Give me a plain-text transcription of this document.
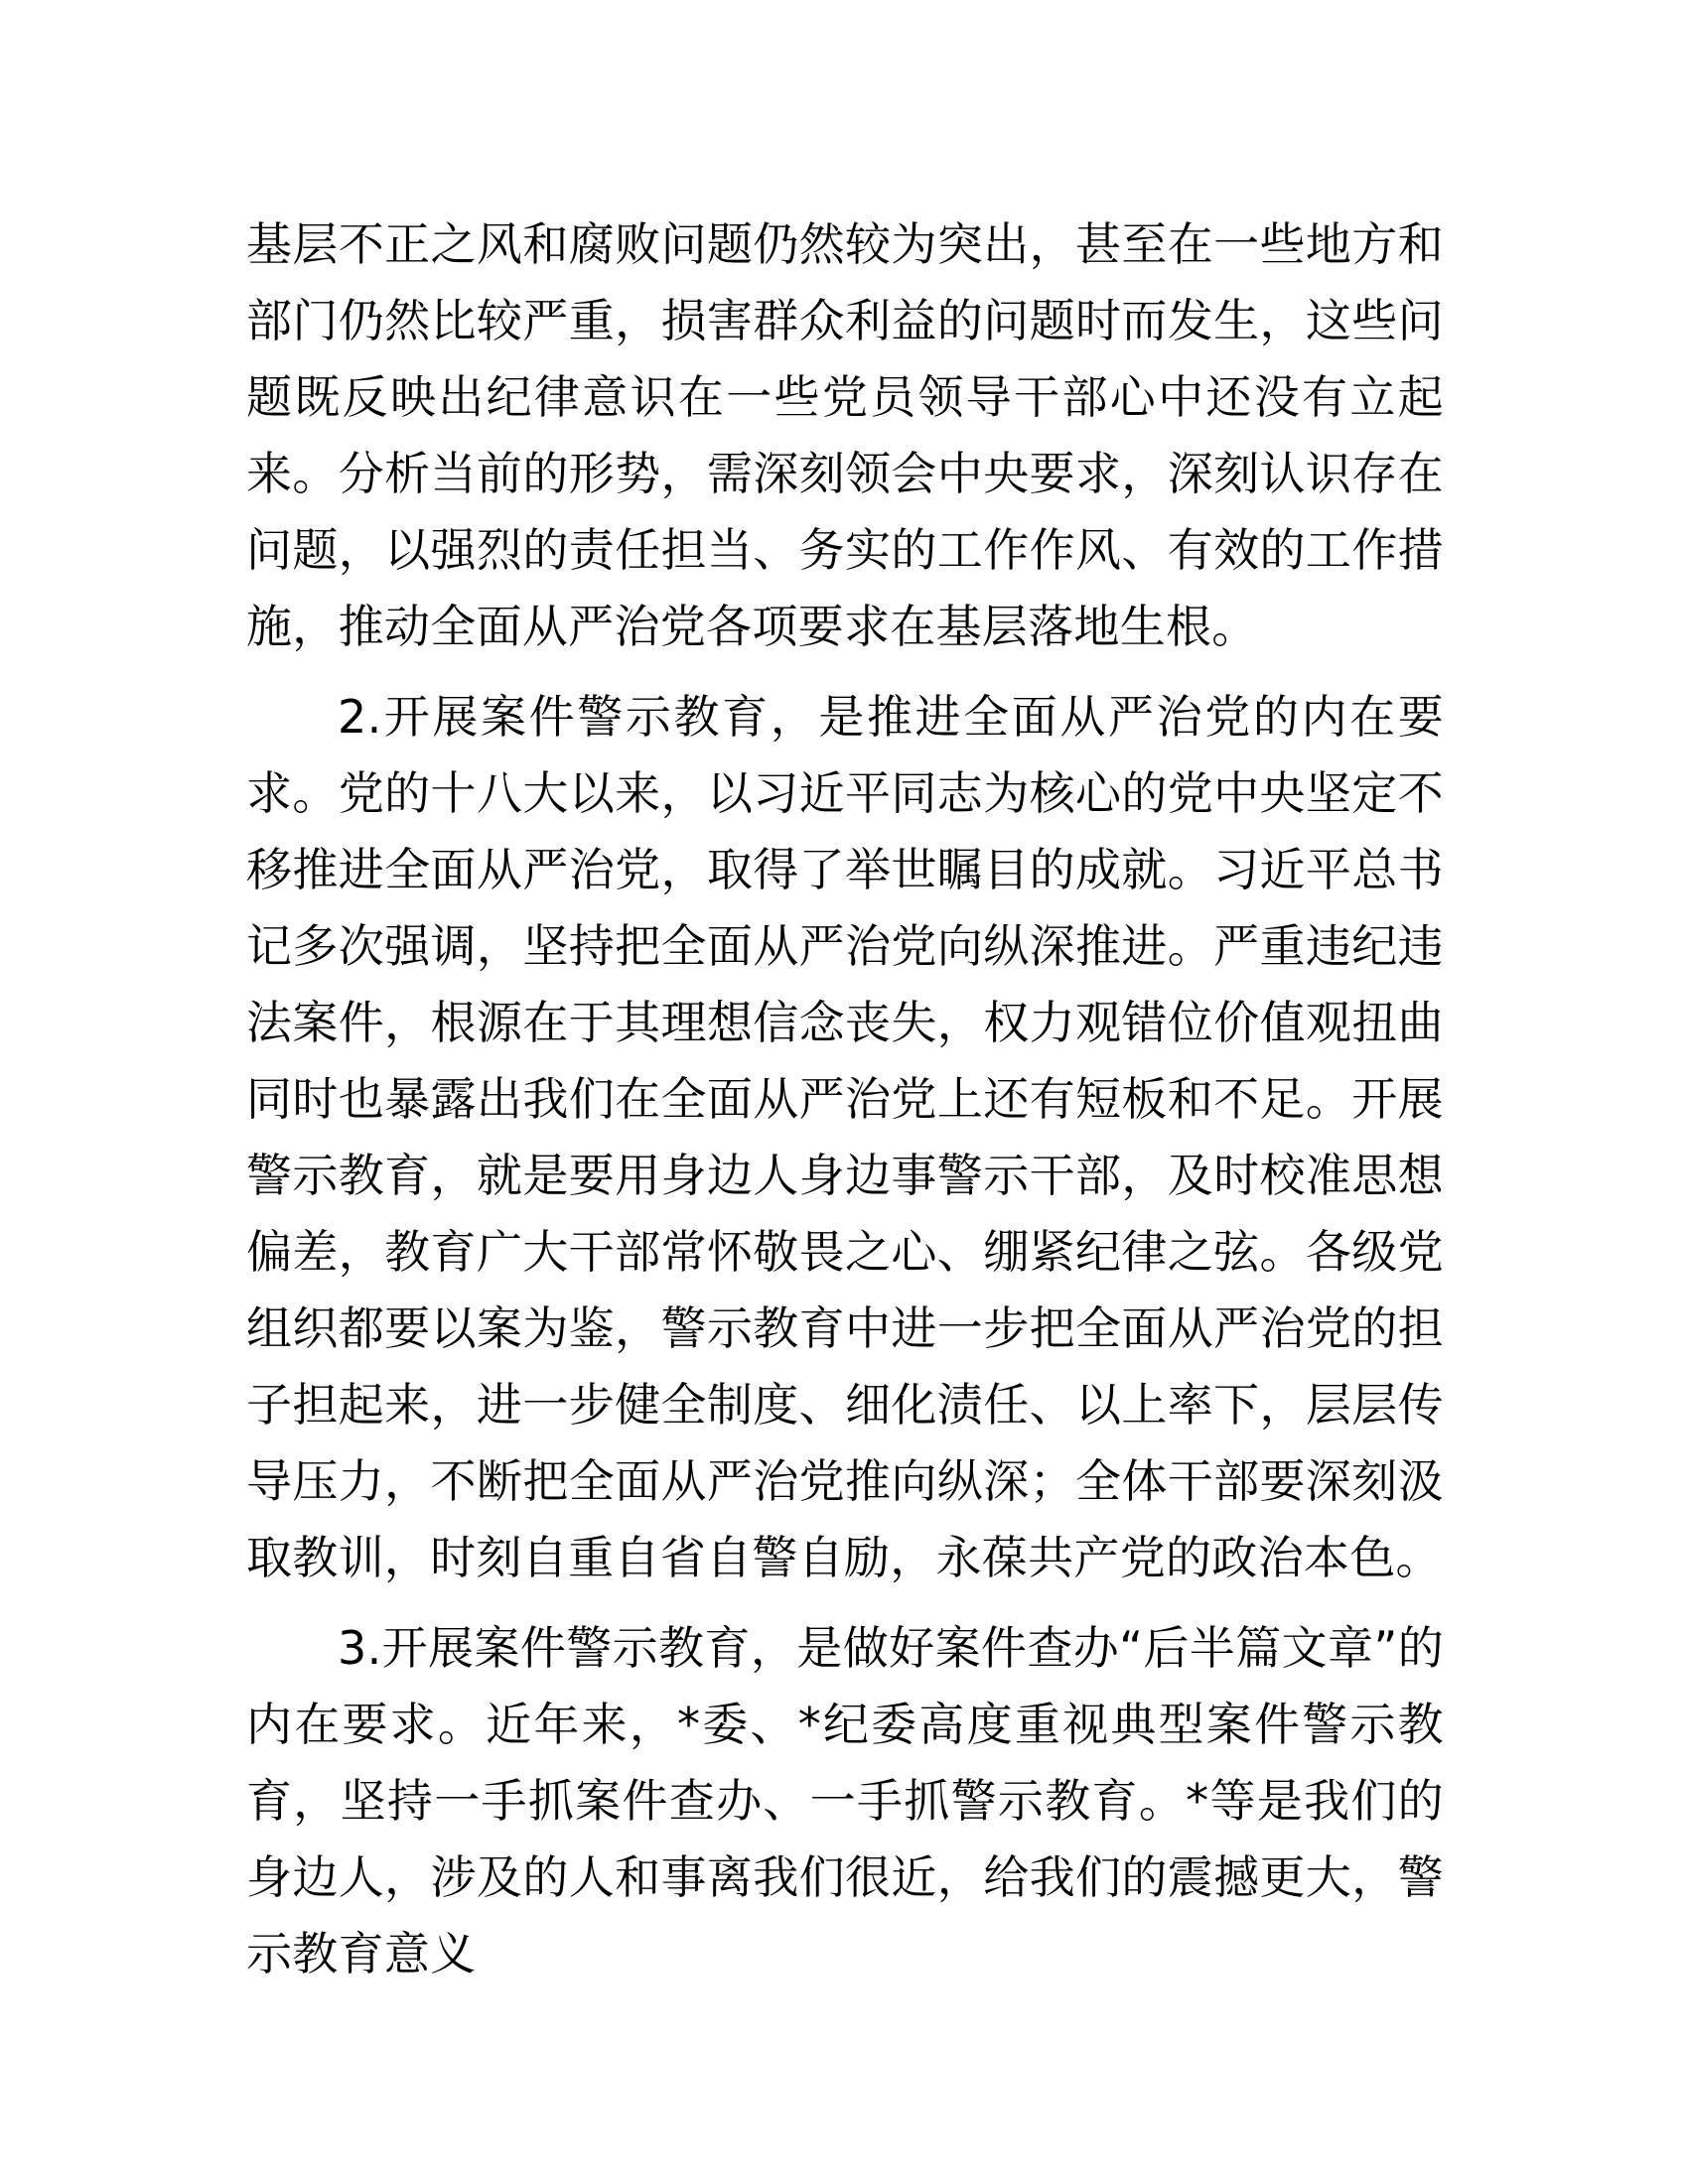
基层不正之风和腐败问题仍然较为突出，甚至在一些地方和部门仍然比较严重，损害群众利益的问题时而发生，这些问题既反映出纪律意识在一些党员领导干部心中还没有立起来。分析当前的形势，需深刻领会中央要求，深刻认识存在问题，以强烈的责任担当、务实的工作作风、有效的工作措施，推动全面从严治党各项要求在基层落地生根。

2.开展案件警示教育，是推进全面从严治党的内在要求。党的十八大以来，以习近平同志为核心的党中央坚定不移推进全面从严治党，取得了举世瞩目的成就。习近平总书记多次强调，坚持把全面从严治党向纵深推进。严重违纪违法案件，根源在于其理想信念丧失，权力观错位价值观扭曲同时也暴露出我们在全面从严治党上还有短板和不足。开展警示教育，就是要用身边人身边事警示干部，及时校准思想偏差，教育广大干部常怀敬畏之心、绷紧纪律之弦。各级党组织都要以案为鉴，警示教育中进一步把全面从严治党的担子担起来，进一步健全制度、细化渍任、以上率下，层层传导压力，不断把全面从严治党推向纵深；全体干部要深刻汲取教训，时刻自重自省自警自励，永葆共产党的政治本色。

3.开展案件警示教育，是做好案件查办“后半篇文章”的内在要求。近年来，*委、*纪委高度重视典型案件警示教育，坚持一手抓案件查办、一手抓警示教育。*等是我们的身边人，涉及的人和事离我们很近，给我们的震撼更大，警示教育意义
